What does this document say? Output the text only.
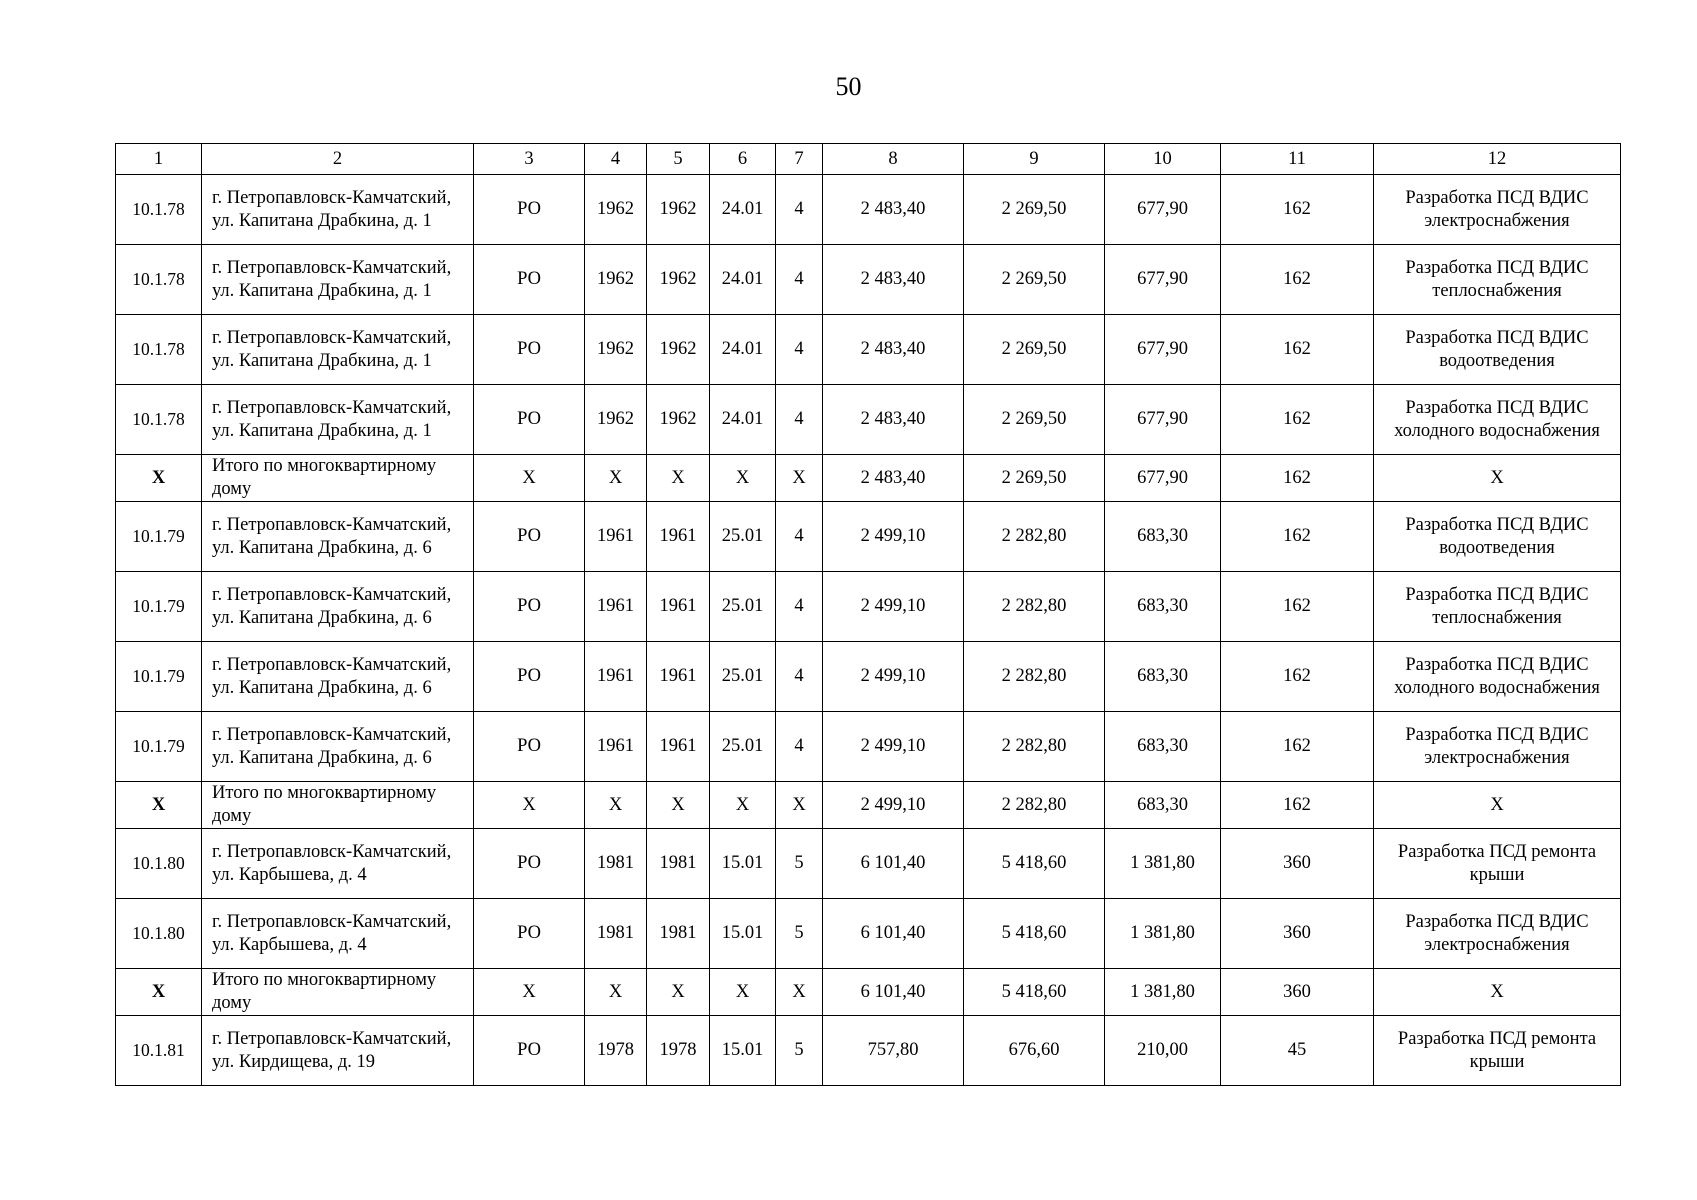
50
1	2	3	4	5	6	7	8	9	10	11	12
10.1.78	г. Петропавловск-Камчатский, ул. Капитана Драбкина, д. 1	РО	1962	1962	24.01	4	2 483,40	2 269,50	677,90	162	Разработка ПСД ВДИС электроснабжения
10.1.78	г. Петропавловск-Камчатский, ул. Капитана Драбкина, д. 1	РО	1962	1962	24.01	4	2 483,40	2 269,50	677,90	162	Разработка ПСД ВДИС теплоснабжения
10.1.78	г. Петропавловск-Камчатский, ул. Капитана Драбкина, д. 1	РО	1962	1962	24.01	4	2 483,40	2 269,50	677,90	162	Разработка ПСД ВДИС водоотведения
10.1.78	г. Петропавловск-Камчатский, ул. Капитана Драбкина, д. 1	РО	1962	1962	24.01	4	2 483,40	2 269,50	677,90	162	Разработка ПСД ВДИС холодного водоснабжения
X	Итого по многоквартирному дому	X	X	X	X	X	2 483,40	2 269,50	677,90	162	X
10.1.79	г. Петропавловск-Камчатский, ул. Капитана Драбкина, д. 6	РО	1961	1961	25.01	4	2 499,10	2 282,80	683,30	162	Разработка ПСД ВДИС водоотведения
10.1.79	г. Петропавловск-Камчатский, ул. Капитана Драбкина, д. 6	РО	1961	1961	25.01	4	2 499,10	2 282,80	683,30	162	Разработка ПСД ВДИС теплоснабжения
10.1.79	г. Петропавловск-Камчатский, ул. Капитана Драбкина, д. 6	РО	1961	1961	25.01	4	2 499,10	2 282,80	683,30	162	Разработка ПСД ВДИС холодного водоснабжения
10.1.79	г. Петропавловск-Камчатский, ул. Капитана Драбкина, д. 6	РО	1961	1961	25.01	4	2 499,10	2 282,80	683,30	162	Разработка ПСД ВДИС электроснабжения
X	Итого по многоквартирному дому	X	X	X	X	X	2 499,10	2 282,80	683,30	162	X
10.1.80	г. Петропавловск-Камчатский, ул. Карбышева, д. 4	РО	1981	1981	15.01	5	6 101,40	5 418,60	1 381,80	360	Разработка ПСД ремонта крыши
10.1.80	г. Петропавловск-Камчатский, ул. Карбышева, д. 4	РО	1981	1981	15.01	5	6 101,40	5 418,60	1 381,80	360	Разработка ПСД ВДИС электроснабжения
X	Итого по многоквартирному дому	X	X	X	X	X	6 101,40	5 418,60	1 381,80	360	X
10.1.81	г. Петропавловск-Камчатский, ул. Кирдищева, д. 19	РО	1978	1978	15.01	5	757,80	676,60	210,00	45	Разработка ПСД ремонта крыши
